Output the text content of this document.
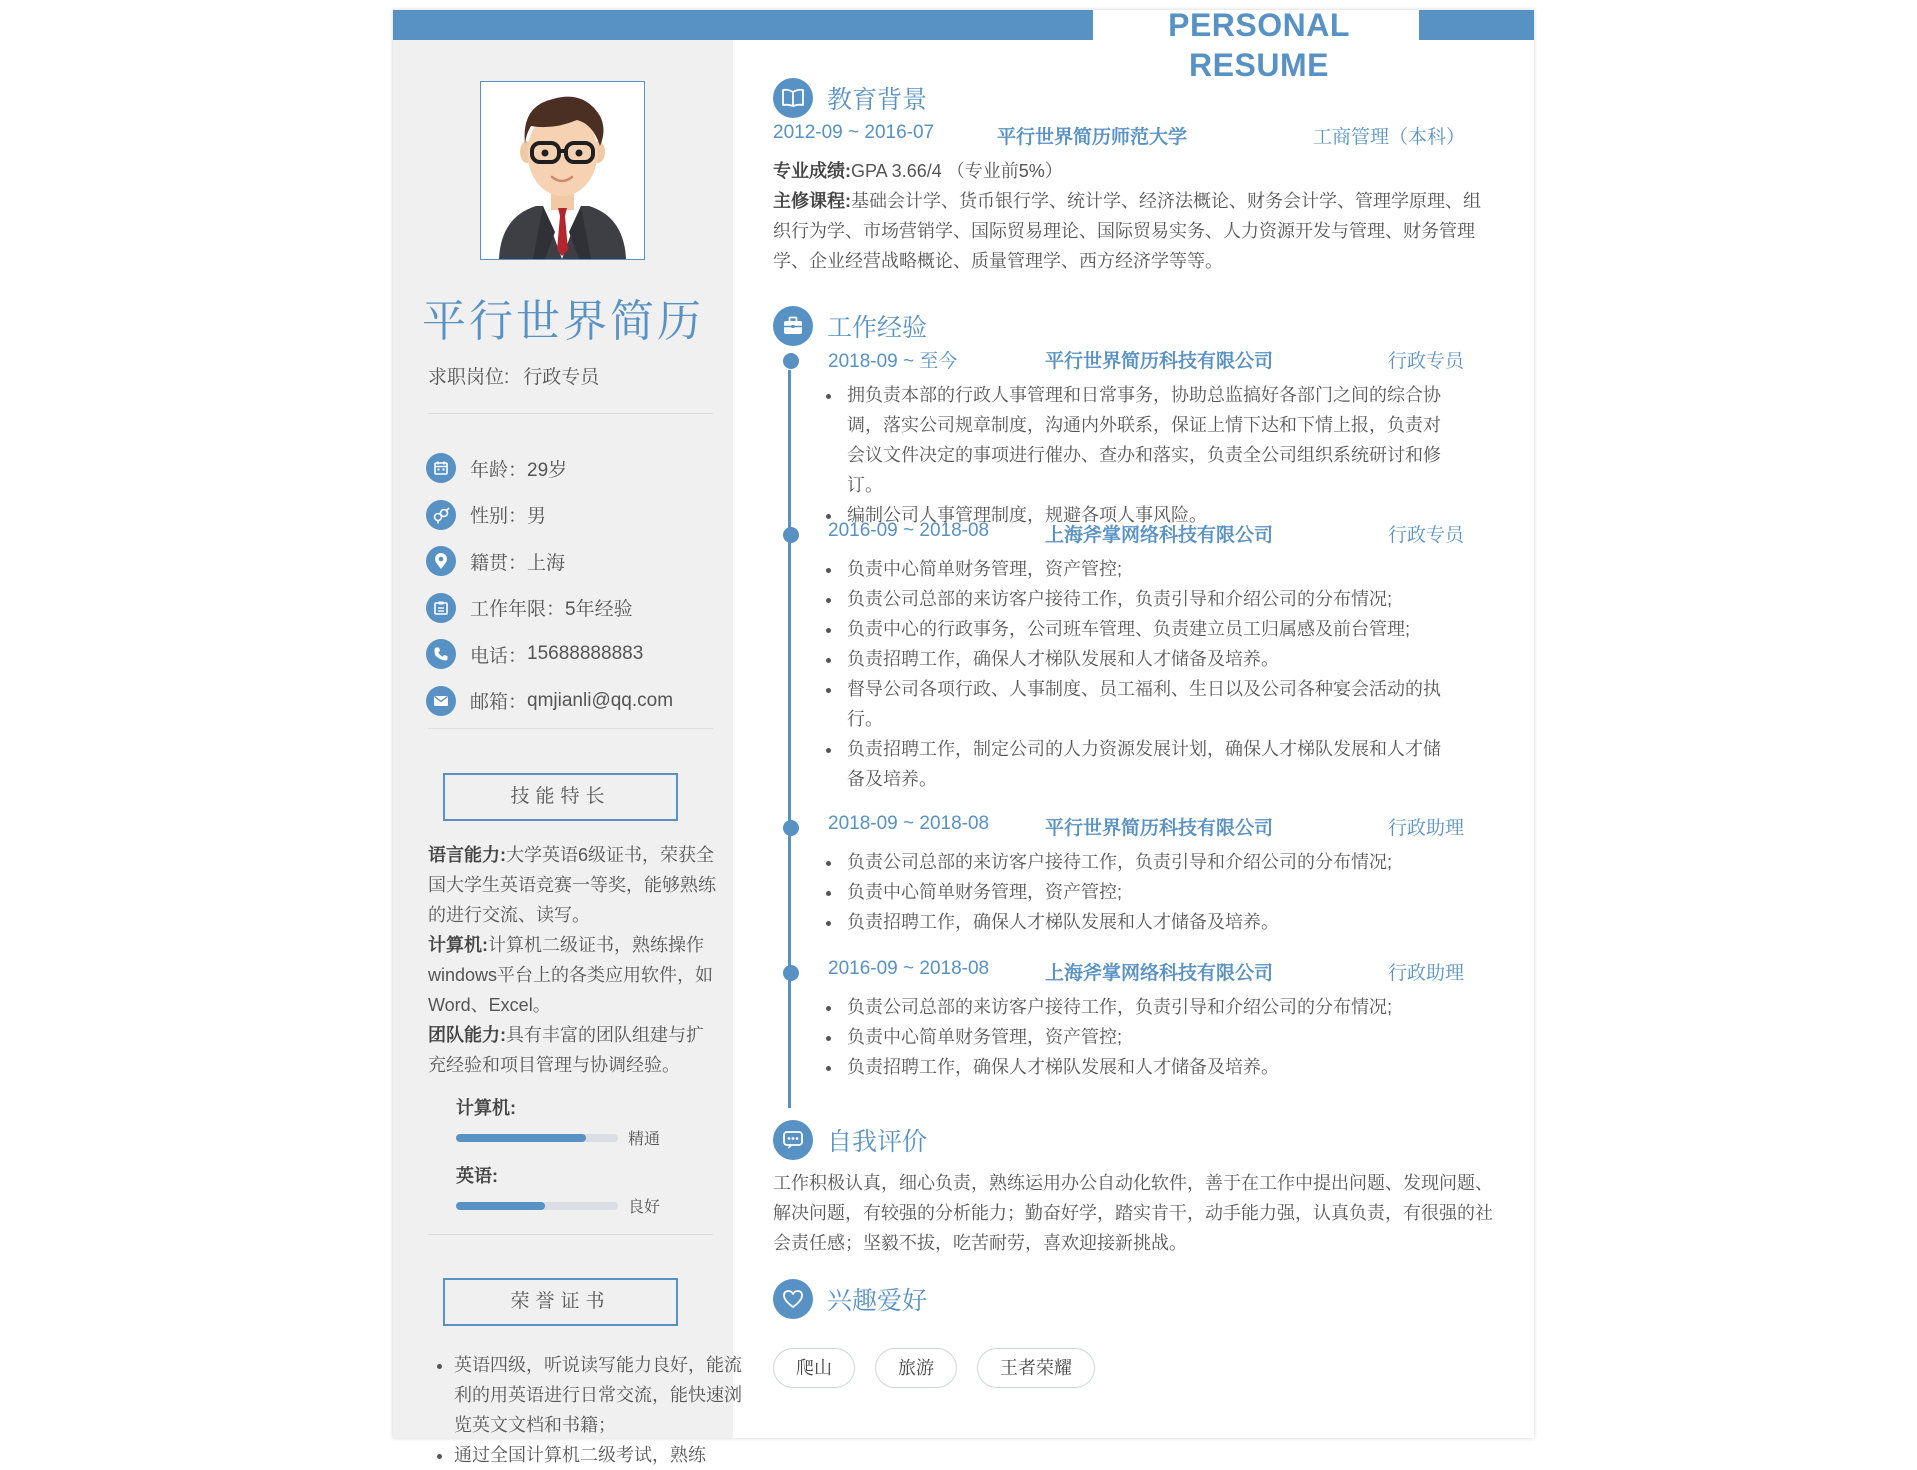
PERSONAL RESUME
平行世界简历
求职岗位: 行政专员
年龄 ：	29岁
性别 ：	男
籍贯 ：	上海
工作年限 ：	5年经验
电话 ：	15688888883
邮箱 ：	qmjianli@qq.com
技能特长
语言能力:大学英语6级证书，荣获全国大学生英语竞赛一等奖，能够熟练的进行交流、读写。
计算机:计算机二级证书，熟练操作windows平台上的各类应用软件，如Word、Excel。
团队能力:具有丰富的团队组建与扩充经验和项目管理与协调经验。
计算机:
精通
英语:
良好
荣誉证书
• 英语四级，听说读写能力良好，能流利的用英语进行日常交流，能快速浏览英文文档和书籍；
• 通过全国计算机二级考试，熟练
教育背景
2012-09 ~ 2016-07	平行世界简历师范大学	工商管理（本科）
专业成绩:GPA 3.66/4 （专业前5%）
主修课程:基础会计学、货币银行学、统计学、经济法概论、财务会计学、管理学原理、组织行为学、市场营销学、国际贸易理论、国际贸易实务、人力资源开发与管理、财务管理学、企业经营战略概论、质量管理学、西方经济学等等。
工作经验
2018-09 ~ 至今	平行世界简历科技有限公司	行政专员
• 拥负责本部的行政人事管理和日常事务，协助总监搞好各部门之间的综合协调，落实公司规章制度，沟通内外联系，保证上情下达和下情上报，负责对会议文件决定的事项进行催办、查办和落实，负责全公司组织系统研讨和修订。
• 编制公司人事管理制度，规避各项人事风险。
2016-09 ~ 2018-08	上海斧掌网络科技有限公司	行政专员
• 负责中心简单财务管理，资产管控;
• 负责公司总部的来访客户接待工作，负责引导和介绍公司的分布情况;
• 负责中心的行政事务，公司班车管理、负责建立员工归属感及前台管理;
• 负责招聘工作，确保人才梯队发展和人才储备及培养。
• 督导公司各项行政、人事制度、员工福利、生日以及公司各种宴会活动的执行。
• 负责招聘工作，制定公司的人力资源发展计划，确保人才梯队发展和人才储备及培养。
2018-09 ~ 2018-08	平行世界简历科技有限公司	行政助理
• 负责公司总部的来访客户接待工作，负责引导和介绍公司的分布情况;
• 负责中心简单财务管理，资产管控;
• 负责招聘工作，确保人才梯队发展和人才储备及培养。
2016-09 ~ 2018-08	上海斧掌网络科技有限公司	行政助理
• 负责公司总部的来访客户接待工作，负责引导和介绍公司的分布情况;
• 负责中心简单财务管理，资产管控;
• 负责招聘工作，确保人才梯队发展和人才储备及培养。
自我评价
工作积极认真，细心负责，熟练运用办公自动化软件，善于在工作中提出问题、发现问题、解决问题，有较强的分析能力；勤奋好学，踏实肯干，动手能力强，认真负责，有很强的社会责任感；坚毅不拔，吃苦耐劳，喜欢迎接新挑战。
兴趣爱好
爬山	旅游	王者荣耀
